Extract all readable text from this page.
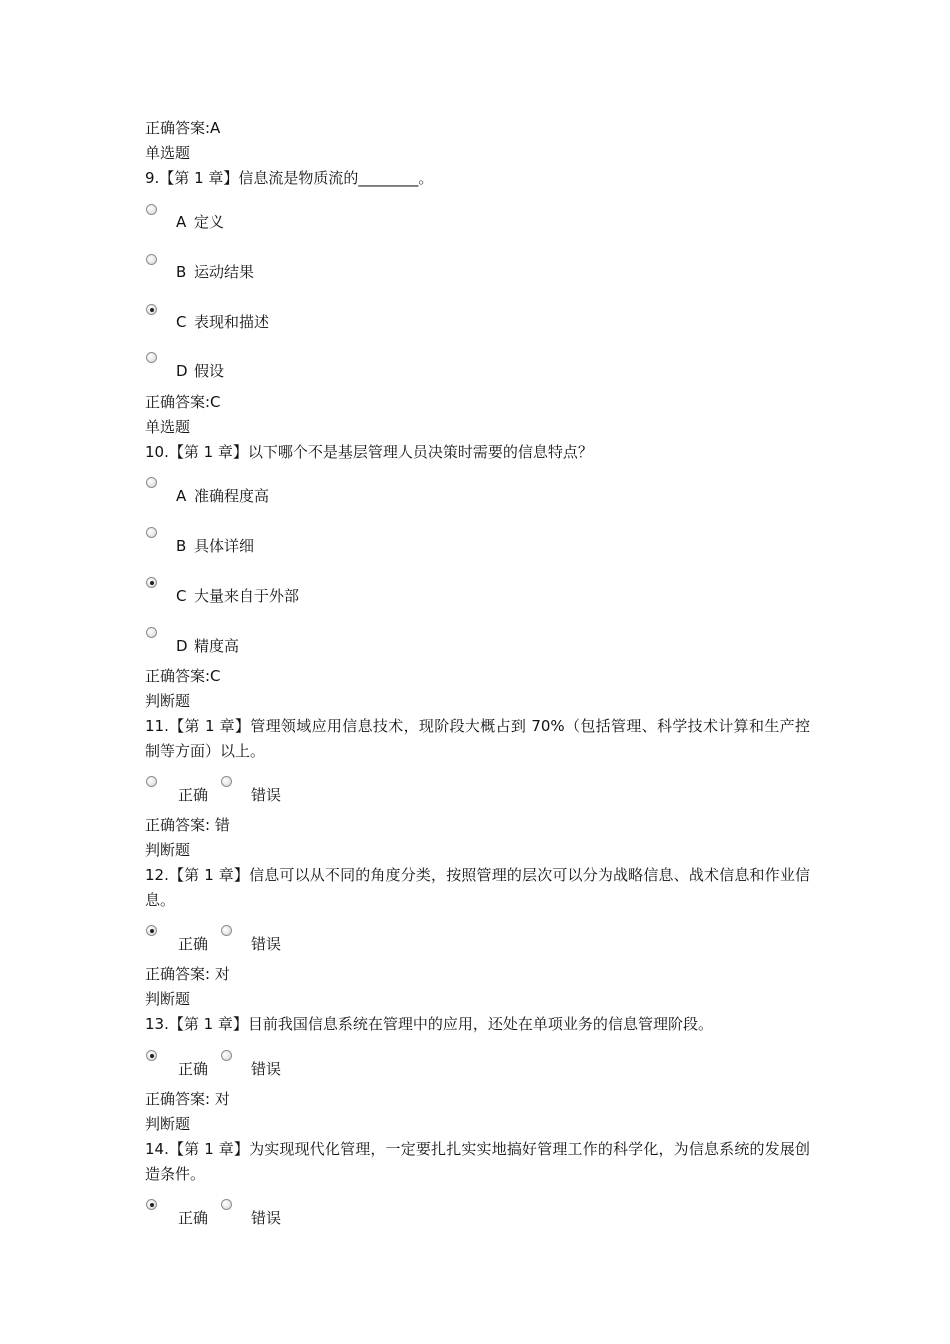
正确答案:A
单选题
9.【第 1 章】信息流是物质流的________。
A 定义
B 运动结果
C 表现和描述
D 假设
正确答案:C
单选题
10.【第 1 章】以下哪个不是基层管理人员决策时需要的信息特点？
A 准确程度高
B 具体详细
C 大量来自于外部
D 精度高
正确答案:C
判断题
11.【第 1 章】管理领域应用信息技术，现阶段大概占到 70%（包括管理、科学技术计算和生产控制等方面）以上。
正确	错误
正确答案: 错
判断题
12.【第 1 章】信息可以从不同的角度分类，按照管理的层次可以分为战略信息、战术信息和作业信息。
正确	错误
正确答案: 对
判断题
13.【第 1 章】目前我国信息系统在管理中的应用，还处在单项业务的信息管理阶段。
正确	错误
正确答案: 对
判断题
14.【第 1 章】为实现现代化管理，一定要扎扎实实地搞好管理工作的科学化，为信息系统的发展创造条件。
正确	错误
